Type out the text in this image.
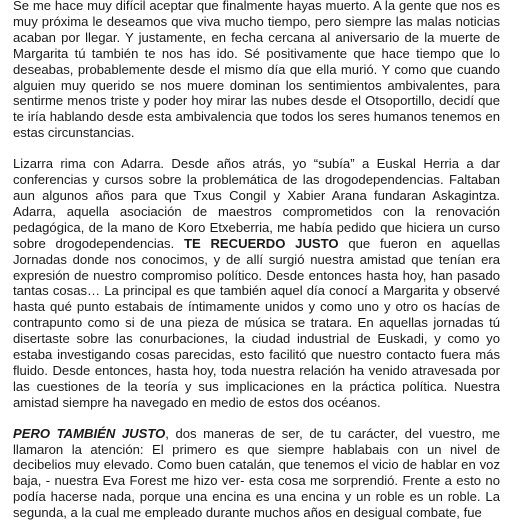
Se me hace muy difícil aceptar que finalmente hayas muerto. A la gente que nos es muy próxima le deseamos que viva mucho tiempo, pero siempre las malas noticias acaban por llegar. Y justamente, en fecha cercana al aniversario de la muerte de Margarita tú también te nos has ido. Sé positivamente que hace tiempo que lo deseabas, probablemente desde el mismo día que ella murió. Y como que cuando alguien muy querido se nos muere dominan los sentimientos ambivalentes, para sentirme menos triste y poder hoy mirar las nubes desde el Otsoportillo, decidí que te iría hablando desde esta ambivalencia que todos los seres humanos tenemos en estas circunstancias.

Lizarra rima con Adarra. Desde años atrás, yo “subía” a Euskal Herria a dar conferencias y cursos sobre la problemática de las drogodependencias. Faltaban aun algunos años para que Txus Congil y Xabier Arana fundaran Askagintza. Adarra, aquella asociación de maestros comprometidos con la renovación pedagógica, de la mano de Koro Etxeberria, me había pedido que hiciera un curso sobre drogodependencias. TE RECUERDO JUSTO que fueron en aquellas Jornadas donde nos conocimos, y de allí surgió nuestra amistad que tenían era expresión de nuestro compromiso político. Desde entonces hasta hoy, han pasado tantas cosas… La principal es que también aquel día conocí a Margarita y observé hasta qué punto estabais de íntimamente unidos y como uno y otro os hacías de contrapunto como si de una pieza de música se tratara. En aquellas jornadas tú disertaste sobre las conurbaciones, la ciudad industrial de Euskadi, y como yo estaba investigando cosas parecidas, esto facilitó que nuestro contacto fuera más fluido. Desde entonces, hasta hoy, toda nuestra relación ha venido atravesada por las cuestiones de la teoría y sus implicaciones en la práctica política. Nuestra amistad siempre ha navegado en medio de estos dos océanos.

PERO TAMBIÉN JUSTO, dos maneras de ser, de tu carácter, del vuestro, me llamaron la atención: El primero es que siempre hablabais con un nivel de decibelios muy elevado. Como buen catalán, que tenemos el vicio de hablar en voz baja, - nuestra Eva Forest me hizo ver- esta cosa me sorprendió. Frente a esto no podía hacerse nada, porque una encina es una encina y un roble es un roble. La segunda, a la cual me empleado durante muchos años en desigual combate, fue
